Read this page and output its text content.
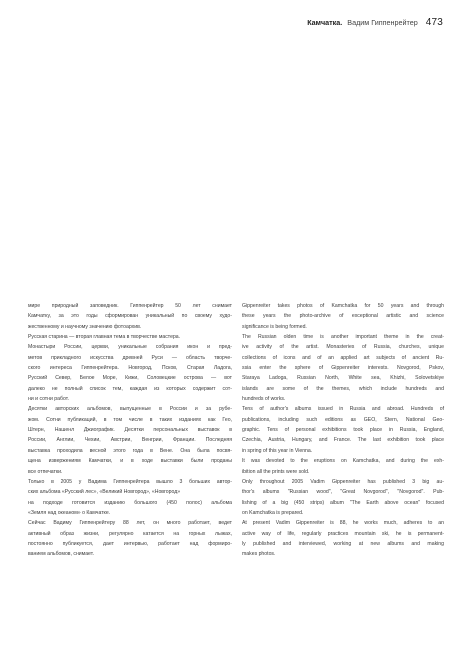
Камчатка. Вадим Гиппенрейтер 473
мире природный заповедник. Гиппенрейтер 50 лет снимает
Камчатку, за это годы сформирован уникальный по своему худо-
жественному и научному значению фотоархив.
Русская старина — вторая главная тема в творчестве мастера.
Монастыри России, церкви, уникальные собрания икон и пред-
метов прикладного искусства древней Руси — область творче-
ского интереса Гиппенрейтера. Новгород, Псков, Старая Ладога,
Русский Север, Белое Море, Кижи, Соловецкие острова — вот
далеко не полный список тем, каждая из которых содержит сот-
ни и сотни работ.
Десятки авторских альбомов, выпущенные в России и за рубе-
жом. Сотни публикаций, в том числе в таких изданиях как Гео,
Штерн, Нашенл Джиографик. Десятки персональных выставок в
России, Англии, Чехии, Австрии, Венгрии, Франции. Последняя
выставка проходила весной этого года в Вене. Она была посвя-
щена извержениям Камчатки, и в ходе выставки были проданы
все отпечатки.
Только в 2005 у Вадима Гиппенрейтера вышло 3 больших автор-
ских альбома «Русский лес», «Великий Новгород», «Новгород»
на подходе готовится изданию большого (450 полос) альбома
«Земля над океаном» о Камчатке.
Сейчас Вадиму Гиппенрейтеру 88 лет, он много работает, ведет
активный образ жизни, регулярно катается на горных лыжах,
постоянно публикуется, дает интервью, работает над формиро-
ванием альбомов, снимает.
Gippenreiter takes photos of Kamchatka for 50 years and through
these years the photo-archive of exceptional artistic and science
significance is being formed.
The Russian olden time is another important theme in the creat-
ive activity of the artist. Monasteries of Russia, churches, unique
collections of icons and of an applied art subjects of ancient Ru-
ssia enter the sphere of Gippenreiter interests. Novgorod, Pskov,
Staraya Ladoga, Russian North, White sea, Khizhi, Solovetskiye
islands are some of the themes, which include hundreds and
hundreds of works.
Tens of author's albums issued in Russia and abroad. Hundreds of
publications, including such editions as GEO, Stern, National Geo-
graphic. Tens of personal exhibitions took place in Russia, England,
Czechia, Austria, Hungary, and France. The last exhibition took place
in spring of this year in Vienna.
It was devoted to the eruptions on Kamchatka, and during the exh-
ibition all the prints were sold.
Only throughout 2005 Vadim Gippenreiter has published 3 big au-
thor's albums "Russian wood", "Great Novgorod", "Novgorod". Pub-
lishing of a big (450 strips) album "The Earth above ocean" focused
on Kamchatka is prepared.
At present Vadim Gippenreiter is 88, he works much, adheres to an
active way of life, regularly practices mountain ski, he is permanent-
ly published and interviewed, working at new albums and making
makes photos.
